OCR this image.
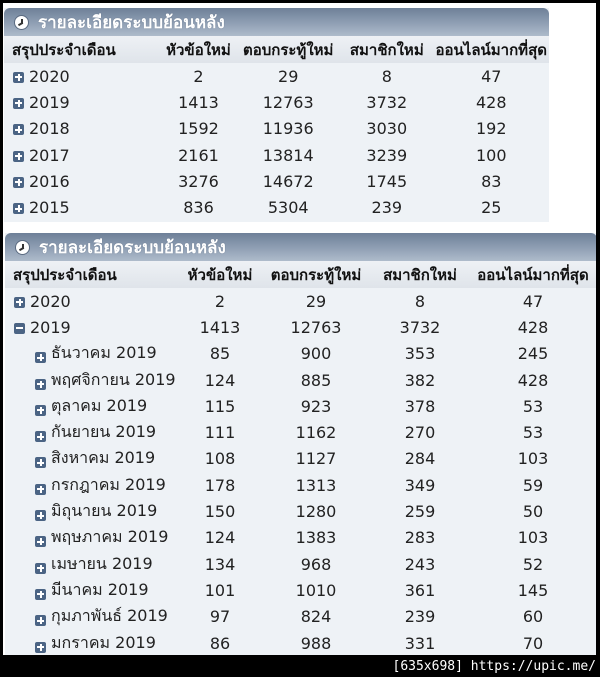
รายละเอียดระบบย้อนหลัง
สรุปประจำเดือน	หัวข้อใหม่	ตอบกระทู้ใหม่	สมาชิกใหม่	ออนไลน์มากที่สุด
2020	2	29	8	47
2019	1413	12763	3732	428
2018	1592	11936	3030	192
2017	2161	13814	3239	100
2016	3276	14672	1745	83
2015	836	5304	239	25
รายละเอียดระบบย้อนหลัง
สรุปประจำเดือน	หัวข้อใหม่	ตอบกระทู้ใหม่	สมาชิกใหม่	ออนไลน์มากที่สุด
2020	2	29	8	47
2019	1413	12763	3732	428
ธันวาคม 2019	85	900	353	245
พฤศจิกายน 2019	124	885	382	428
ตุลาคม 2019	115	923	378	53
กันยายน 2019	111	1162	270	53
สิงหาคม 2019	108	1127	284	103
กรกฎาคม 2019	178	1313	349	59
มิถุนายน 2019	150	1280	259	50
พฤษภาคม 2019	124	1383	283	103
เมษายน 2019	134	968	243	52
มีนาคม 2019	101	1010	361	145
กุมภาพันธ์ 2019	97	824	239	60
มกราคม 2019	86	988	331	70
[635x698] https://upic.me/
